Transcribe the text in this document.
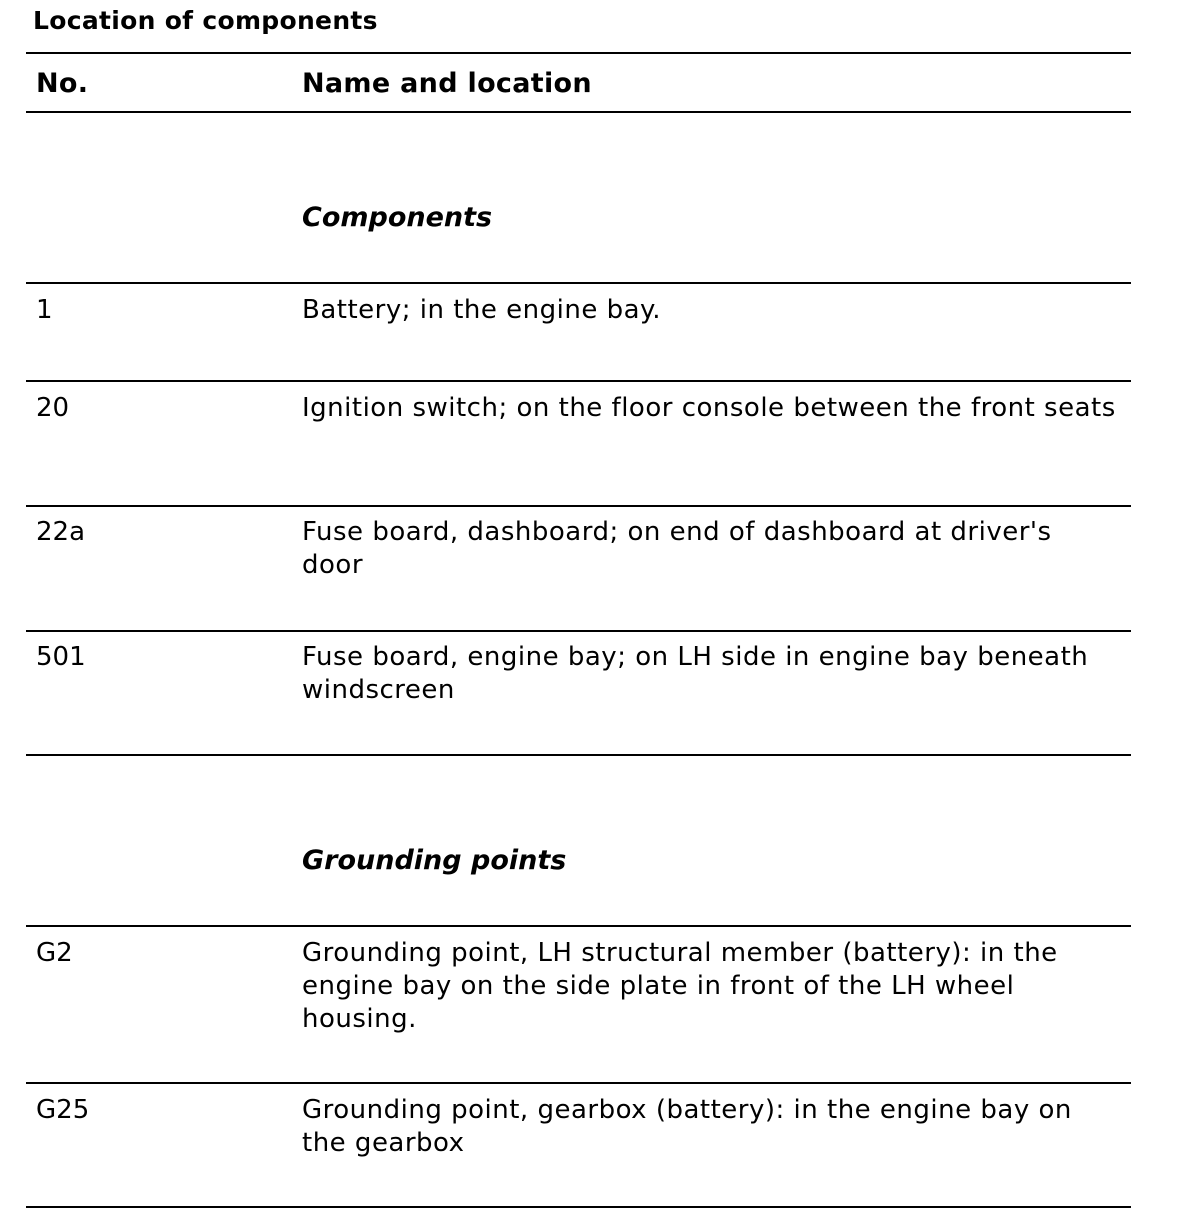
Location of components
No.	Name and location
Components
1	Battery; in the engine bay.
20	Ignition switch; on the floor console between the front seats
22a	Fuse board, dashboard; on end of dashboard at driver's door
501	Fuse board, engine bay; on LH side in engine bay beneath windscreen
Grounding points
G2	Grounding point, LH structural member (battery): in the engine bay on the side plate in front of the LH wheel housing.
G25	Grounding point, gearbox (battery): in the engine bay on the gearbox
